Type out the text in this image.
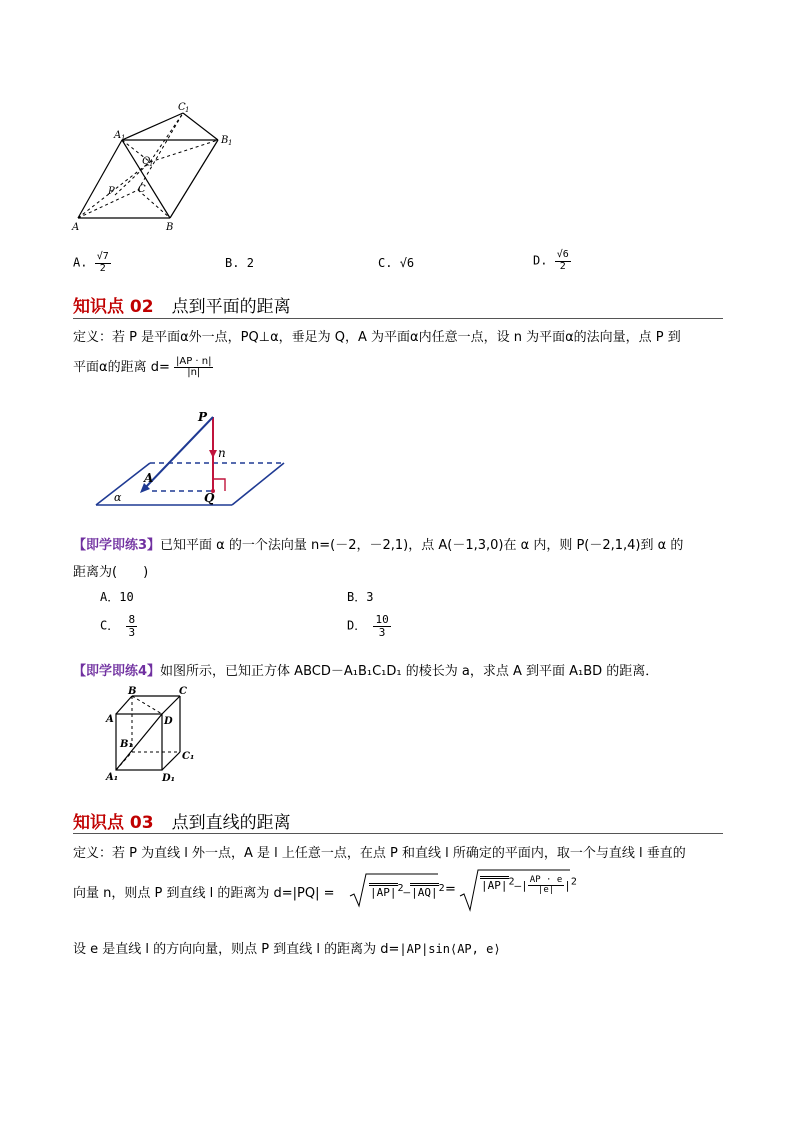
C 1
A 1	B 1
Q
1
P C
A	B
A. $\frac{√7}{2}$	B. 2	C. √6	D. $\frac{√6}{2}$
知识点 02 点到平面的距离
定义：若 P 是平面α外一点，PQ⊥α，垂足为 Q，A 为平面α内任意一点，设 n 为平面α的法向量，点 P 到
平面α的距离 $d= \frac{|AP \cdot n|}{|n|}$
P
n
A
Q
α
【即学即练3】已知平面 α 的一个法向量 n=(－2，－2,1)，点 A(－1,3,0)在 α 内，则 P(－2,1,4)到 α 的
距离为(　　)
A．10	B．3
C． $\frac{8}{3}$	D． $\frac{10}{3}$
【即学即练4】如图所示，已知正方体 ABCD－A₁B₁C₁D₁ 的棱长为 a，求点 A 到平面 A₁BD 的距离．
B	C
A	D
B₁
C₁
A₁	D₁
知识点 03 点到直线的距离
定义：若 P 为直线 l 外一点，A 是 l 上任意一点，在点 P 和直线 l 所确定的平面内，取一个与直线 l 垂直的
向量 n，则点 P 到直线 l 的距离为 d=|PQ| =	$|AP|2-|AQ|2 = |AP|2-| \frac{AP \cdot e}{|e|} |2$
设 e 是直线 l 的方向向量，则点 P 到直线 l 的距离为 d=|AP|sin⟨AP, e⟩
